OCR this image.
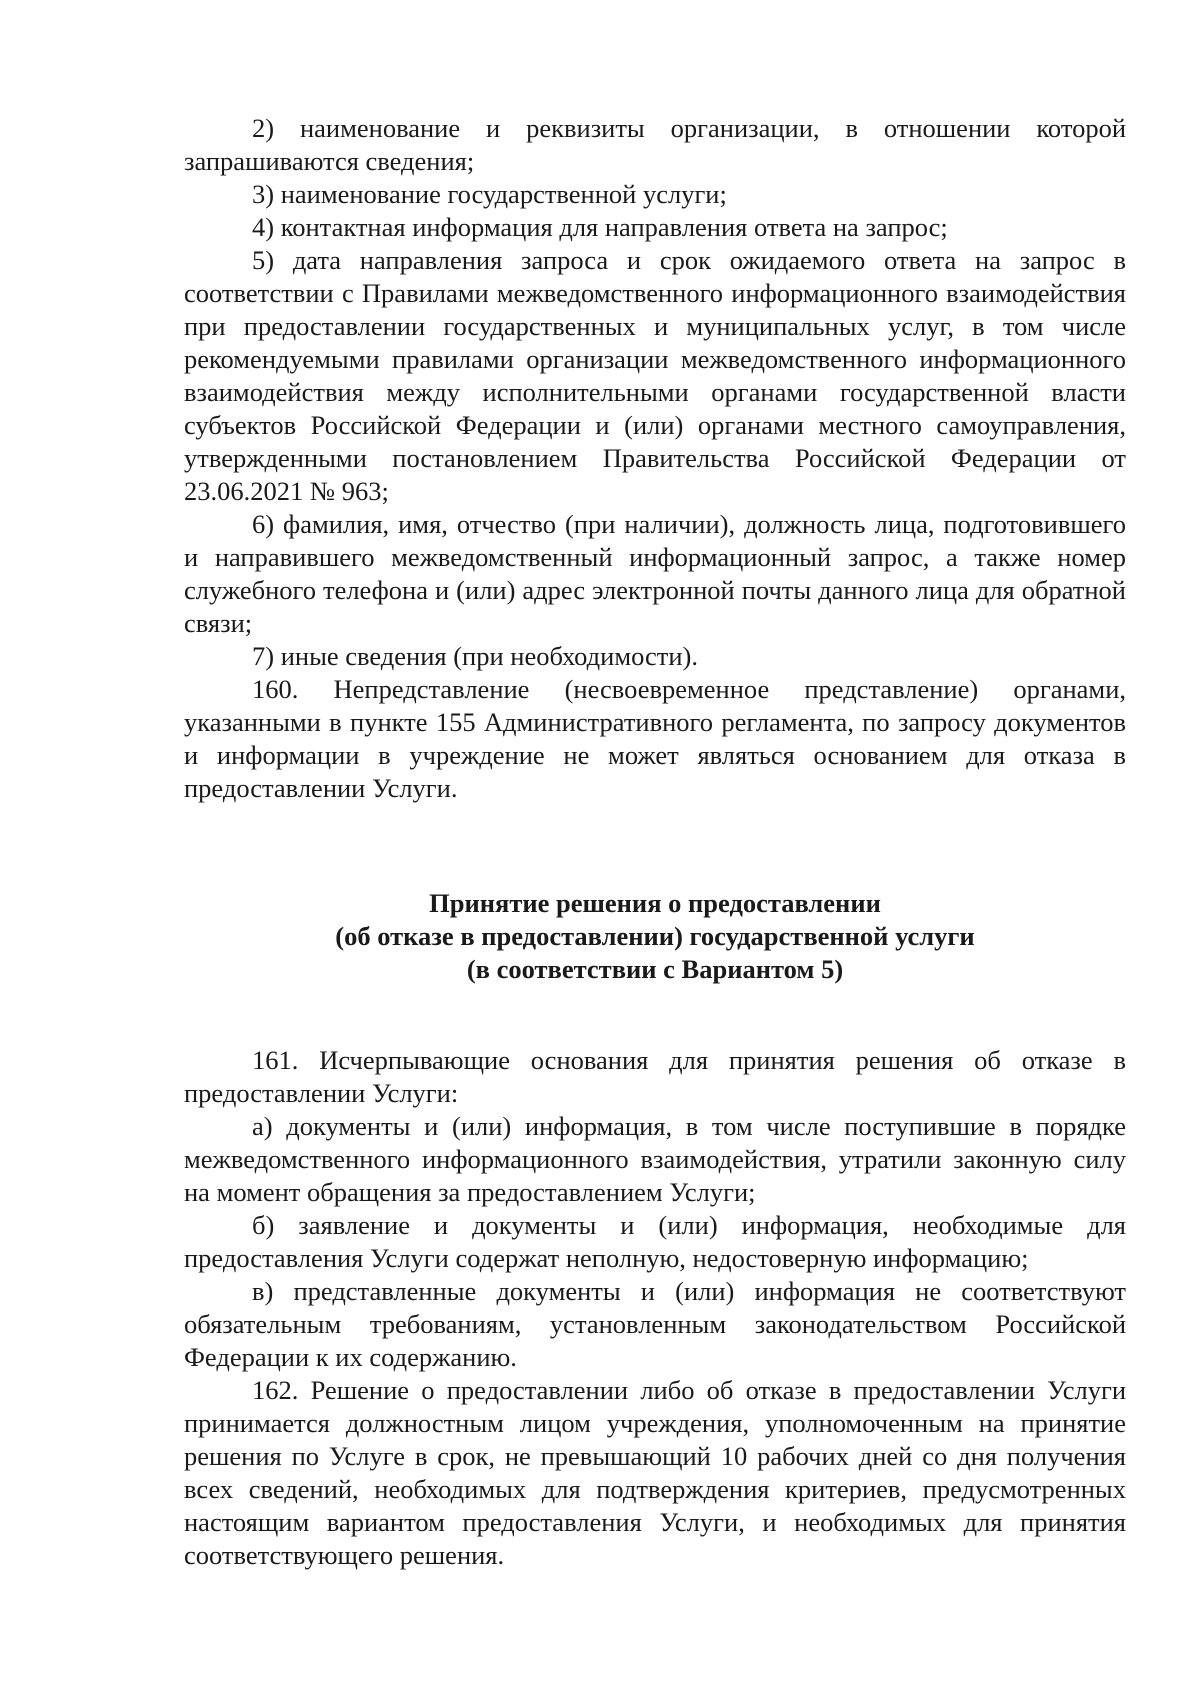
2) наименование и реквизиты организации, в отношении которой запрашиваются сведения;

3) наименование государственной услуги;

4) контактная информация для направления ответа на запрос;

5) дата направления запроса и срок ожидаемого ответа на запрос в соответствии с Правилами межведомственного информационного взаимодействия при предоставлении государственных и муниципальных услуг, в том числе рекомендуемыми правилами организации межведомственного информационного взаимодействия между исполнительными органами государственной власти субъектов Российской Федерации и (или) органами местного самоуправления, утвержденными постановлением Правительства Российской Федерации от 23.06.2021 № 963;

6) фамилия, имя, отчество (при наличии), должность лица, подготовившего и направившего межведомственный информационный запрос, а также номер служебного телефона и (или) адрес электронной почты данного лица для обратной связи;

7) иные сведения (при необходимости).

160. Непредставление (несвоевременное представление) органами, указанными в пункте 155 Административного регламента, по запросу документов и информации в учреждение не может являться основанием для отказа в предоставлении Услуги.

Принятие решения о предоставлении
(об отказе в предоставлении) государственной услуги
(в соответствии с Вариантом 5)

161. Исчерпывающие основания для принятия решения об отказе в предоставлении Услуги:

а) документы и (или) информация, в том числе поступившие в порядке межведомственного информационного взаимодействия, утратили законную силу на момент обращения за предоставлением Услуги;

б) заявление и документы и (или) информация, необходимые для предоставления Услуги содержат неполную, недостоверную информацию;

в) представленные документы и (или) информация не соответствуют обязательным требованиям, установленным законодательством Российской Федерации к их содержанию.

162. Решение о предоставлении либо об отказе в предоставлении Услуги принимается должностным лицом учреждения, уполномоченным на принятие решения по Услуге в срок, не превышающий 10 рабочих дней со дня получения всех сведений, необходимых для подтверждения критериев, предусмотренных настоящим вариантом предоставления Услуги, и необходимых для принятия соответствующего решения.
